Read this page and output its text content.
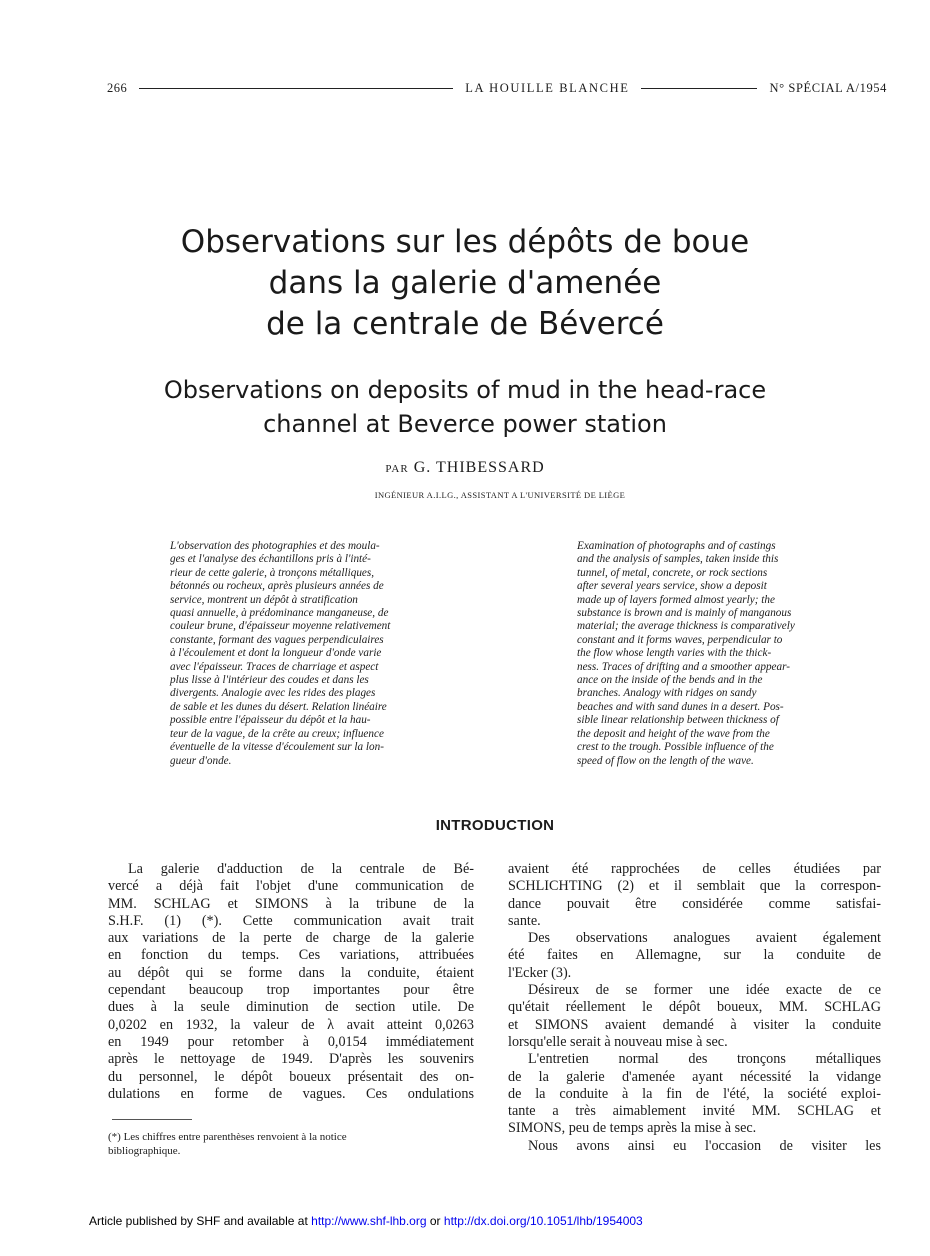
266	LA HOUILLE BLANCHE	N° SPÉCIAL A/1954
Observations sur les dépôts de boue
dans la galerie d'amenée
de la centrale de Bévercé
Observations on deposits of mud in the head-race
channel at Beverce power station
PAR G. THIBESSARD
INGÉNIEUR A.I.LG., ASSISTANT A L'UNIVERSITÉ DE LIÈGE
L'observation des photographies et des moula-
ges et l'analyse des échantillons pris à l'inté-
rieur de cette galerie, à tronçons métalliques,
bétonnés ou rocheux, après plusieurs années de
service, montrent un dépôt à stratification
quasi annuelle, à prédominance manganeuse, de
couleur brune, d'épaisseur moyenne relativement
constante, formant des vagues perpendiculaires
à l'écoulement et dont la longueur d'onde varie
avec l'épaisseur. Traces de charriage et aspect
plus lisse à l'intérieur des coudes et dans les
divergents. Analogie avec les rides des plages
de sable et les dunes du désert. Relation linéaire
possible entre l'épaisseur du dépôt et la hau-
teur de la vague, de la crête au creux; influence
éventuelle de la vitesse d'écoulement sur la lon-
gueur d'onde.
Examination of photographs and of castings
and the analysis of samples, taken inside this
tunnel, of metal, concrete, or rock sections
after several years service, show a deposit
made up of layers formed almost yearly; the
substance is brown and is mainly of manganous
material; the average thickness is comparatively
constant and it forms waves, perpendicular to
the flow whose length varies with the thick-
ness. Traces of drifting and a smoother appear-
ance on the inside of the bends and in the
branches. Analogy with ridges on sandy
beaches and with sand dunes in a desert. Pos-
sible linear relationship between thickness of
the deposit and height of the wave from the
crest to the trough. Possible influence of the
speed of flow on the length of the wave.
INTRODUCTION
La galerie d'adduction de la centrale de Bé-
vercé a déjà fait l'objet d'une communication de
MM. SCHLAG et SIMONS à la tribune de la
S.H.F. (1) (*). Cette communication avait trait
aux variations de la perte de charge de la galerie
en fonction du temps. Ces variations, attribuées
au dépôt qui se forme dans la conduite, étaient
cependant beaucoup trop importantes pour être
dues à la seule diminution de section utile. De
0,0202 en 1932, la valeur de λ avait atteint 0,0263
en 1949 pour retomber à 0,0154 immédiatement
après le nettoyage de 1949. D'après les souvenirs
du personnel, le dépôt boueux présentait des on-
dulations en forme de vagues. Ces ondulations
(*) Les chiffres entre parenthèses renvoient à la notice
bibliographique.
avaient été rapprochées de celles étudiées par
SCHLICHTING (2) et il semblait que la correspon-
dance pouvait être considérée comme satisfai-
sante.
Des observations analogues avaient également
été faites en Allemagne, sur la conduite de
l'Ecker (3).
Désireux de se former une idée exacte de ce
qu'était réellement le dépôt boueux, MM. SCHLAG
et SIMONS avaient demandé à visiter la conduite
lorsqu'elle serait à nouveau mise à sec.
L'entretien normal des tronçons métalliques
de la galerie d'amenée ayant nécessité la vidange
de la conduite à la fin de l'été, la société exploi-
tante a très aimablement invité MM. SCHLAG et
SIMONS, peu de temps après la mise à sec.
Nous avons ainsi eu l'occasion de visiter les
Article published by SHF and available at http://www.shf-lhb.org or http://dx.doi.org/10.1051/lhb/1954003
